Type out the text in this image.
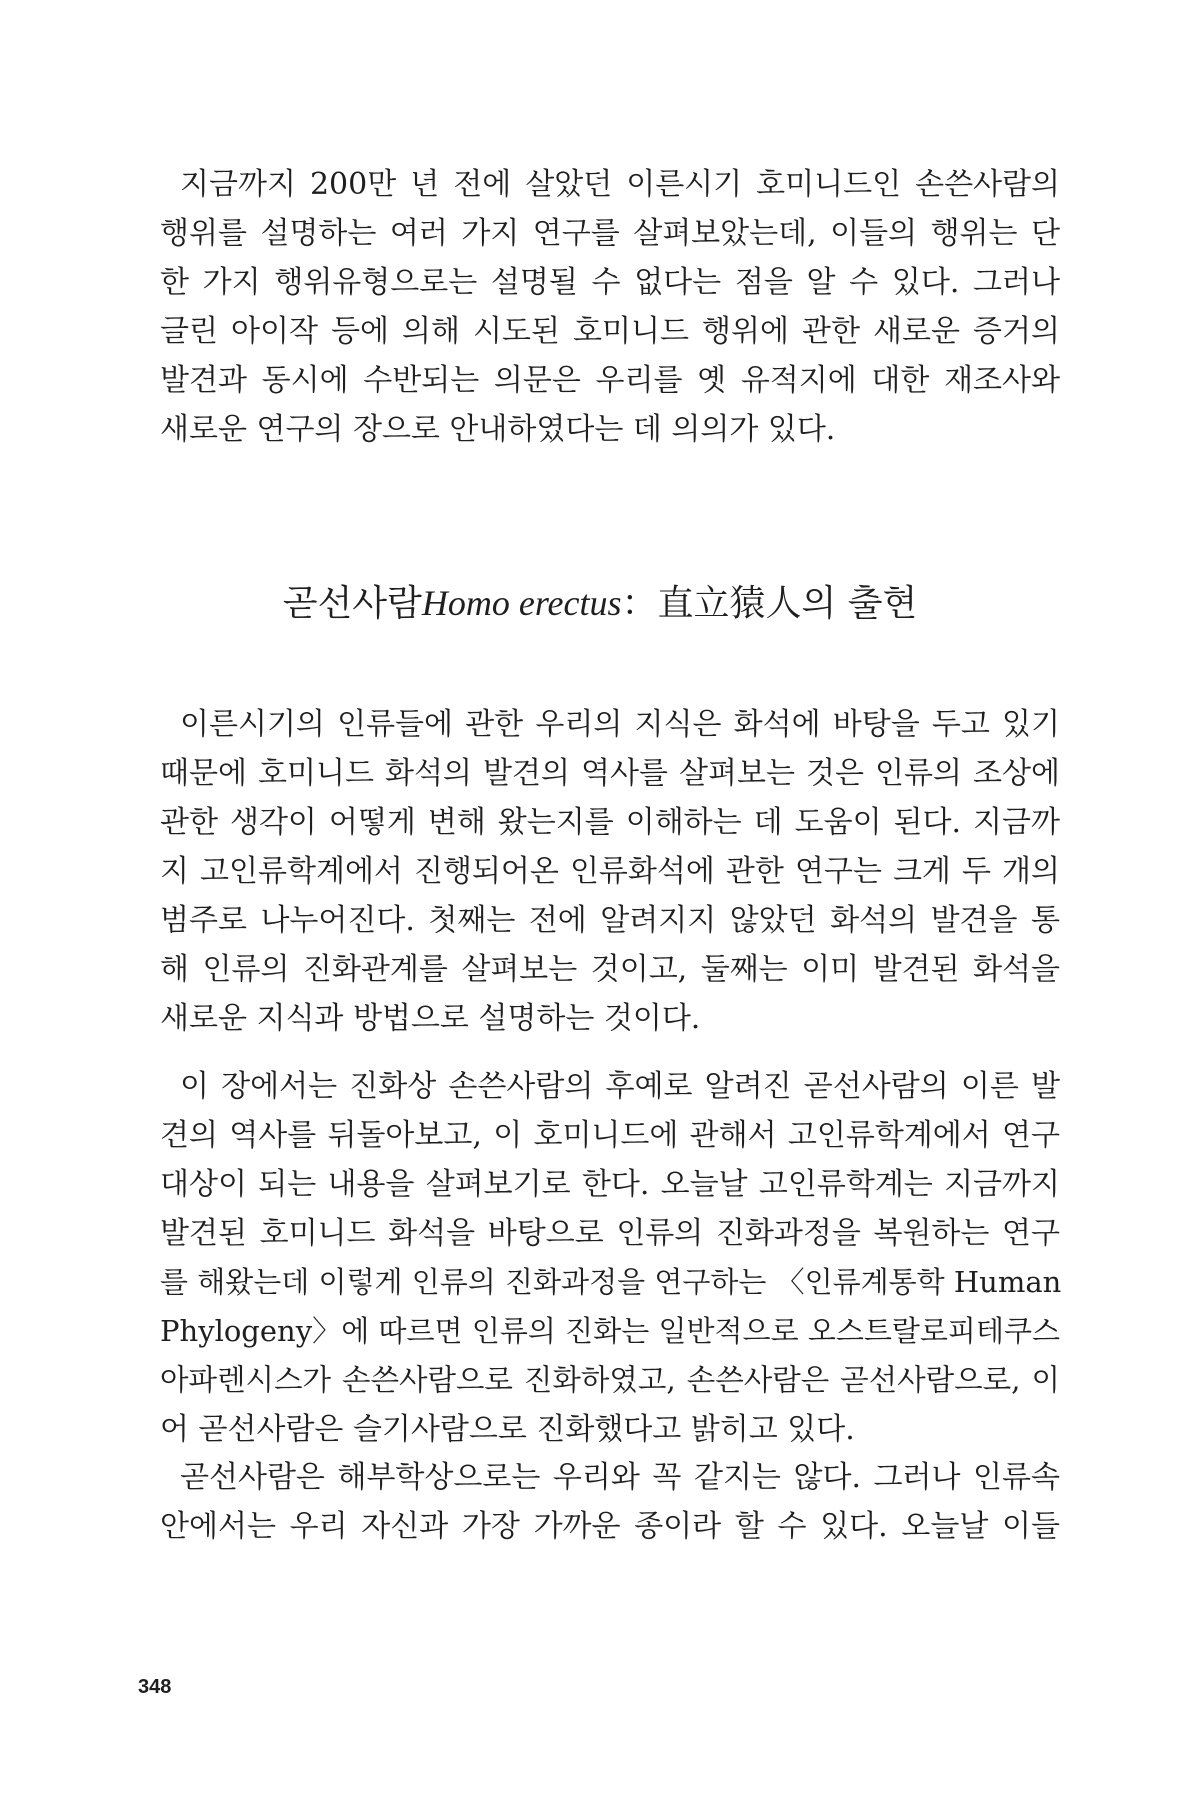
지금까지 200만 년 전에 살았던 이른시기 호미니드인 손쓴사람의
행위를 설명하는 여러 가지 연구를 살펴보았는데, 이들의 행위는 단
한 가지 행위유형으로는 설명될 수 없다는 점을 알 수 있다. 그러나
글린 아이작 등에 의해 시도된 호미니드 행위에 관한 새로운 증거의
발견과 동시에 수반되는 의문은 우리를 옛 유적지에 대한 재조사와
새로운 연구의 장으로 안내하였다는 데 의의가 있다.
곧선사람Homo erectus：直立猿人의 출현
이른시기의 인류들에 관한 우리의 지식은 화석에 바탕을 두고 있기
때문에 호미니드 화석의 발견의 역사를 살펴보는 것은 인류의 조상에
관한 생각이 어떻게 변해 왔는지를 이해하는 데 도움이 된다. 지금까
지 고인류학계에서 진행되어온 인류화석에 관한 연구는 크게 두 개의
범주로 나누어진다. 첫째는 전에 알려지지 않았던 화석의 발견을 통
해 인류의 진화관계를 살펴보는 것이고, 둘째는 이미 발견된 화석을
새로운 지식과 방법으로 설명하는 것이다.
이 장에서는 진화상 손쓴사람의 후예로 알려진 곧선사람의 이른 발
견의 역사를 뒤돌아보고, 이 호미니드에 관해서 고인류학계에서 연구
대상이 되는 내용을 살펴보기로 한다. 오늘날 고인류학계는 지금까지
발견된 호미니드 화석을 바탕으로 인류의 진화과정을 복원하는 연구
를 해왔는데 이렇게 인류의 진화과정을 연구하는 〈인류계통학 Human
Phylogeny〉에 따르면 인류의 진화는 일반적으로 오스트랄로피테쿠스
아파렌시스가 손쓴사람으로 진화하였고, 손쓴사람은 곧선사람으로, 이
어 곧선사람은 슬기사람으로 진화했다고 밝히고 있다.
곧선사람은 해부학상으로는 우리와 꼭 같지는 않다. 그러나 인류속
안에서는 우리 자신과 가장 가까운 종이라 할 수 있다. 오늘날 이들
348
